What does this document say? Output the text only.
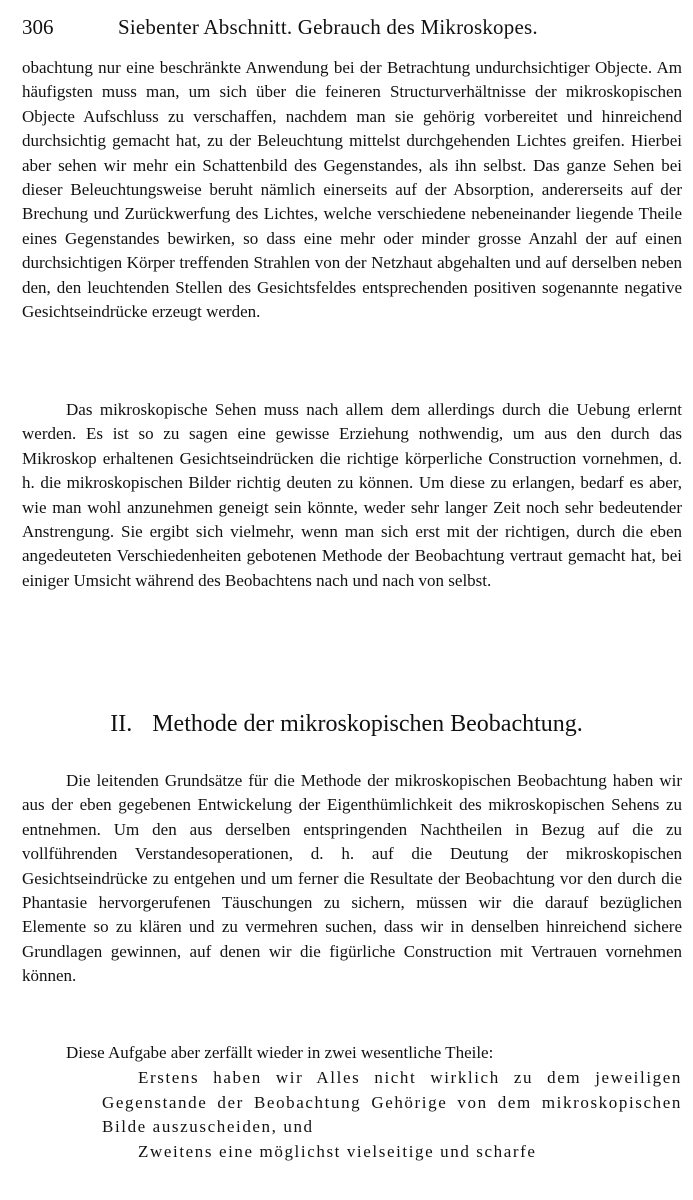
306	Siebenter Abschnitt. Gebrauch des Mikroskopes.

obachtung nur eine beschränkte Anwendung bei der Betrachtung undurchsichtiger Objecte. Am häufigsten muss man, um sich über die feineren Structurverhältnisse der mikroskopischen Objecte Aufschluss zu verschaffen, nachdem man sie gehörig vorbereitet und hinreichend durchsichtig gemacht hat, zu der Beleuchtung mittelst durchgehenden Lichtes greifen. Hierbei aber sehen wir mehr ein Schattenbild des Gegenstandes, als ihn selbst. Das ganze Sehen bei dieser Beleuchtungsweise beruht nämlich einerseits auf der Absorption, andererseits auf der Brechung und Zurückwerfung des Lichtes, welche verschiedene nebeneinander liegende Theile eines Gegenstandes bewirken, so dass eine mehr oder minder grosse Anzahl der auf einen durchsichtigen Körper treffenden Strahlen von der Netzhaut abgehalten und auf derselben neben den, den leuchtenden Stellen des Gesichtsfeldes entsprechenden positiven sogenannte negative Gesichtseindrücke erzeugt werden.

Das mikroskopische Sehen muss nach allem dem allerdings durch die Uebung erlernt werden. Es ist so zu sagen eine gewisse Erziehung nothwendig, um aus den durch das Mikroskop erhaltenen Gesichtseindrücken die richtige körperliche Construction vornehmen, d. h. die mikroskopischen Bilder richtig deuten zu können. Um diese zu erlangen, bedarf es aber, wie man wohl anzunehmen geneigt sein könnte, weder sehr langer Zeit noch sehr bedeutender Anstrengung. Sie ergibt sich vielmehr, wenn man sich erst mit der richtigen, durch die eben angedeuteten Verschiedenheiten gebotenen Methode der Beobachtung vertraut gemacht hat, bei einiger Umsicht während des Beobachtens nach und nach von selbst.

II. Methode der mikroskopischen Beobachtung.

Die leitenden Grundsätze für die Methode der mikroskopischen Beobachtung haben wir aus der eben gegebenen Entwickelung der Eigenthümlichkeit des mikroskopischen Sehens zu entnehmen. Um den aus derselben entspringenden Nachtheilen in Bezug auf die zu vollführenden Verstandesoperationen, d. h. auf die Deutung der mikroskopischen Gesichtseindrücke zu entgehen und um ferner die Resultate der Beobachtung vor den durch die Phantasie hervorgerufenen Täuschungen zu sichern, müssen wir die darauf bezüglichen Elemente so zu klären und zu vermehren suchen, dass wir in denselben hinreichend sichere Grundlagen gewinnen, auf denen wir die figürliche Construction mit Vertrauen vornehmen können.

Diese Aufgabe aber zerfällt wieder in zwei wesentliche Theile:

Erstens haben wir Alles nicht wirklich zu dem jeweiligen Gegenstande der Beobachtung Gehörige von dem mikroskopischen Bilde auszuscheiden, und

Zweitens eine möglichst vielseitige und scharfe
